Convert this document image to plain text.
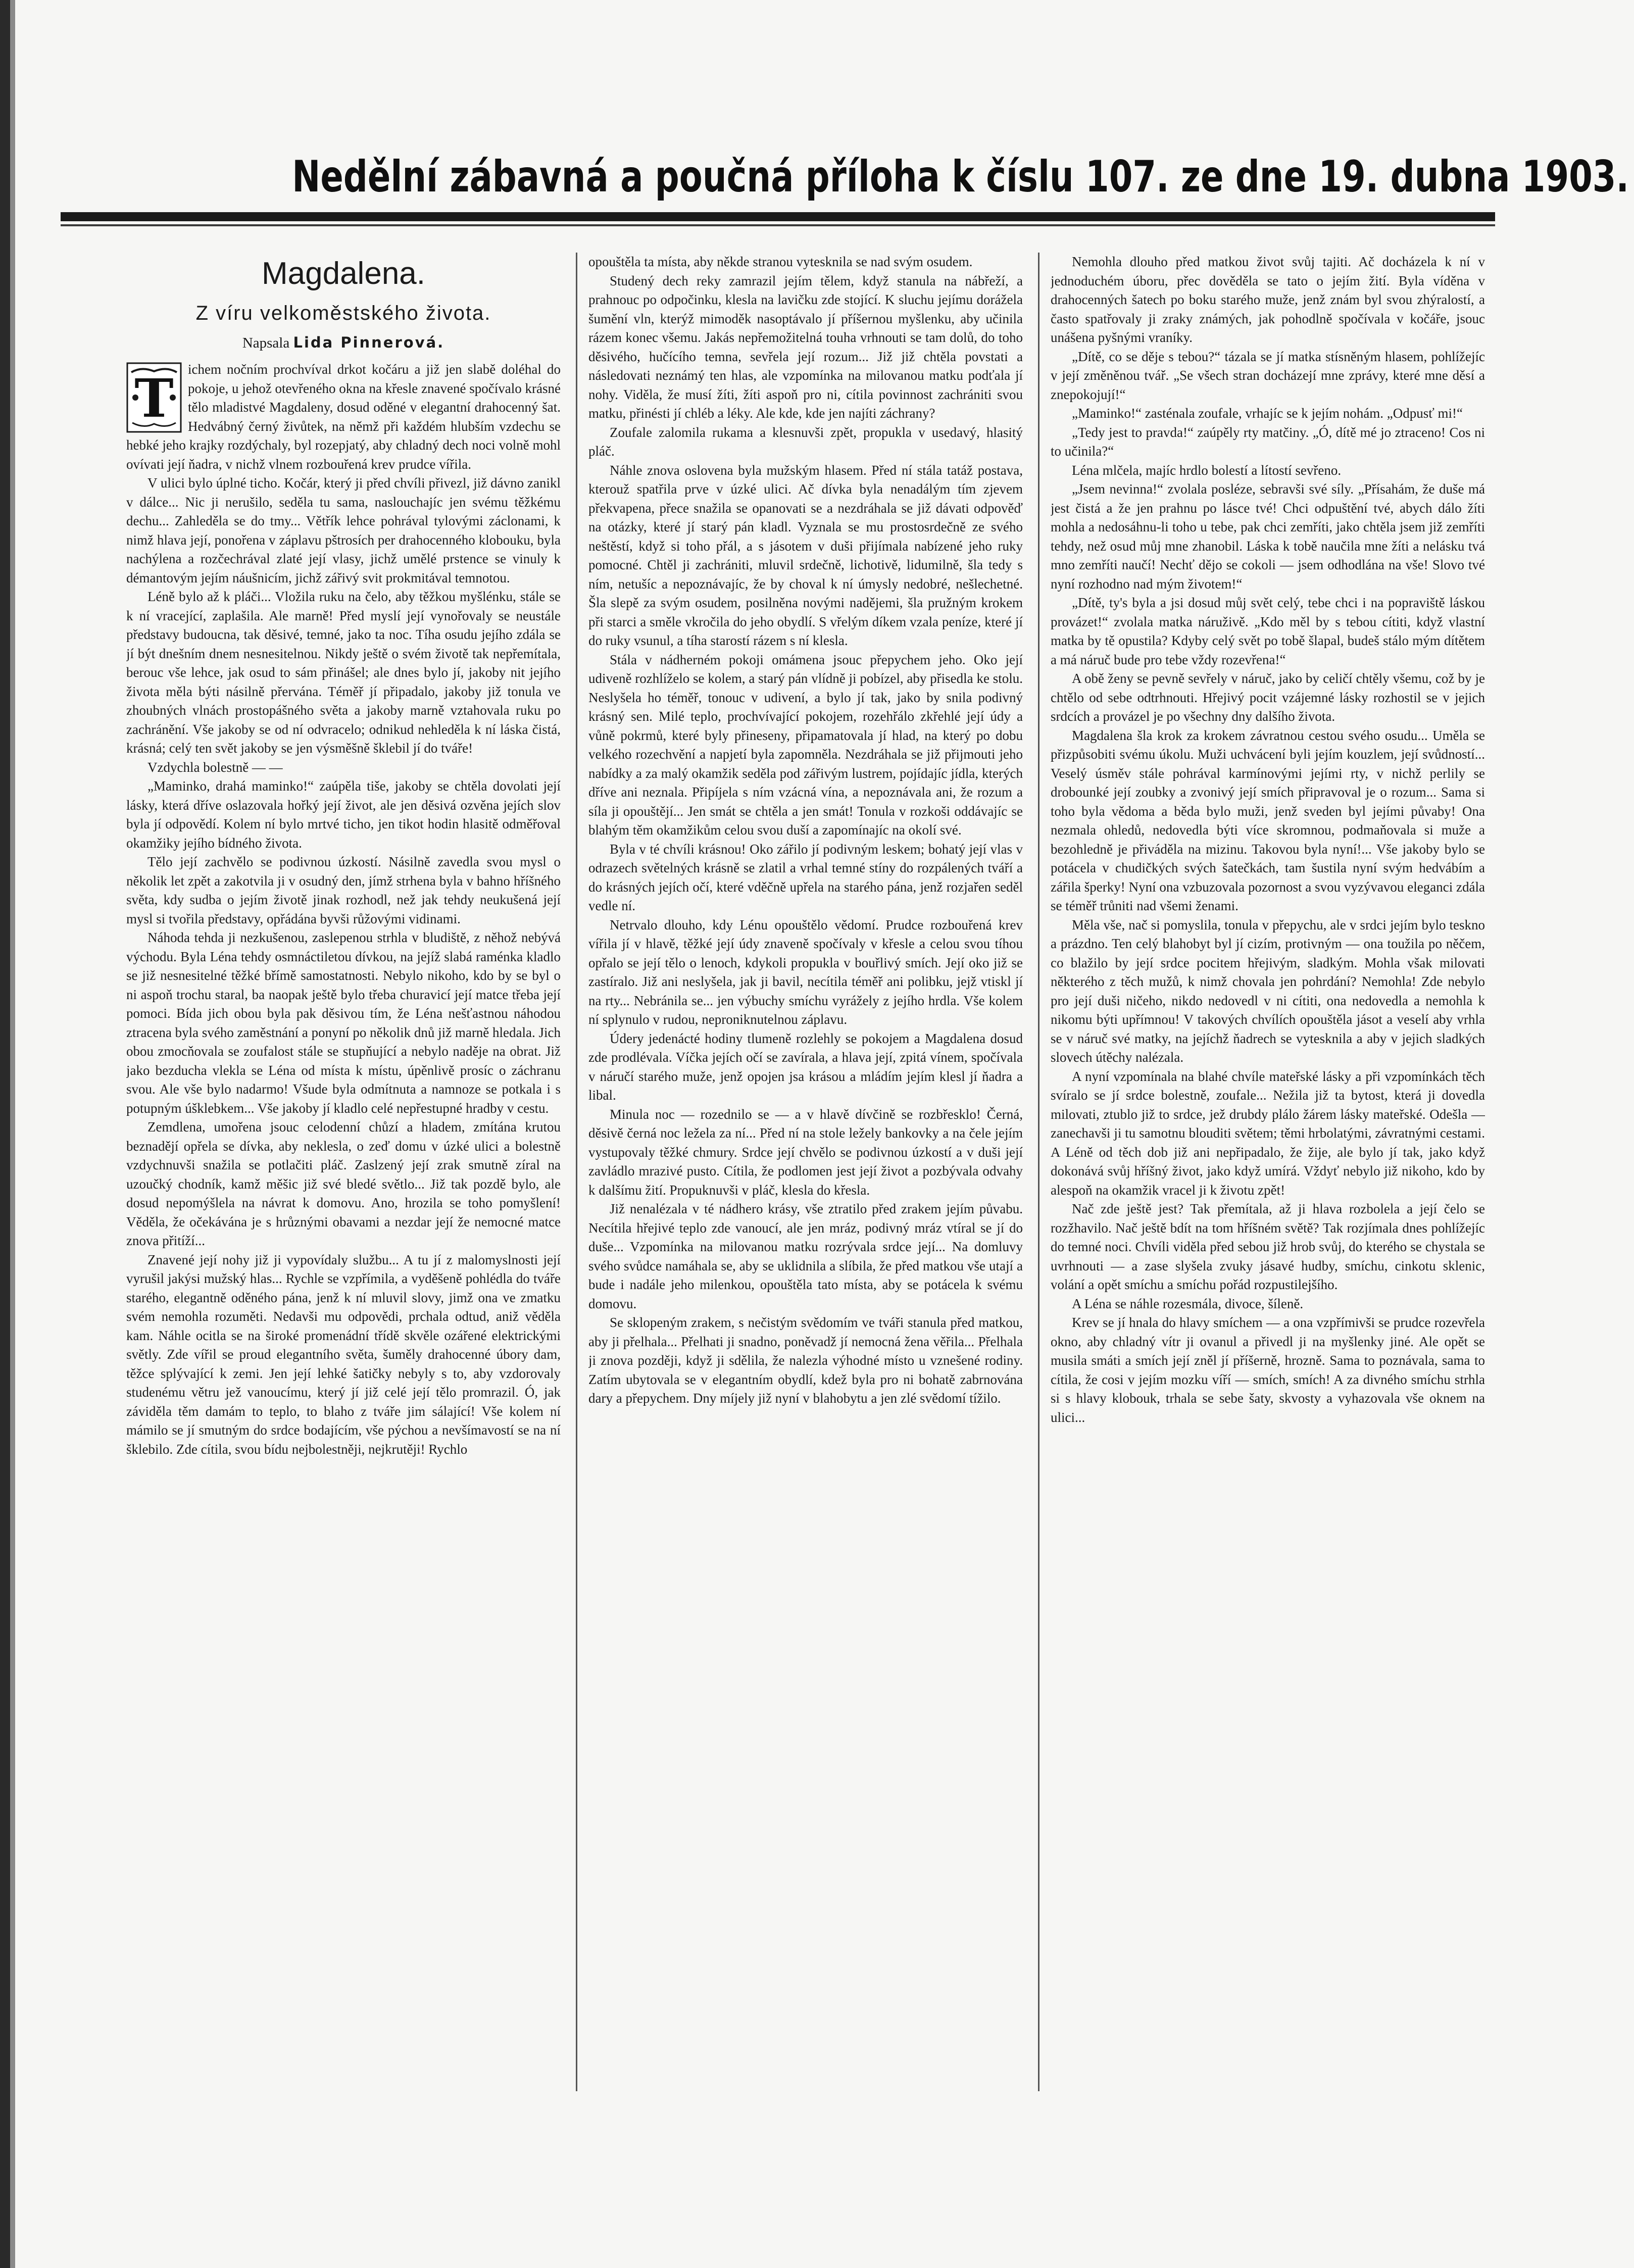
Nedělní zábavná a poučná příloha k číslu 107. ze dne 19. dubna 1903.
Magdalena.
Z víru velkoměstského života.
Napsala Lida Pinnerová.
T	ichem nočním prochvíval drkot kočáru a již jen slabě doléhal do pokoje, u jehož otevřeného okna na křesle znavené spočívalo krásné tělo mladistvé Magdaleny, dosud oděné v elegantní drahocenný šat. Hedvábný černý živůtek, na němž při každém hlubším vzdechu se hebké jeho krajky rozdýchaly, byl rozepjatý, aby chladný dech noci volně mohl ovívati její ňadra, v nichž vlnem rozbouřená krev prudce vířila.

V ulici bylo úplné ticho. Kočár, který ji před chvíli přivezl, již dávno zanikl v dálce... Nic ji nerušilo, seděla tu sama, naslouchajíc jen svému těžkému dechu... Zahleděla se do tmy... Větřík lehce pohrával tylovými záclonami, k nimž hlava její, ponořena v záplavu pštrosích per drahocenného klobouku, byla nachýlena a rozčechrával zlaté její vlasy, jichž umělé prstence se vinuly k démantovým jejím náušnicím, jichž zářivý svit prokmitával temnotou.

Léně bylo až k pláči... Vložila ruku na čelo, aby těžkou myšlénku, stále se k ní vracející, zaplašila. Ale marně! Před myslí její vynořovaly se neustále představy budoucna, tak děsivé, temné, jako ta noc. Tíha osudu jejího zdála se jí být dnešním dnem nesnesitelnou. Nikdy ještě o svém životě tak nepřemítala, berouc vše lehce, jak osud to sám přinášel; ale dnes bylo jí, jakoby nit jejího života měla býti násilně přervána. Téměř jí připadalo, jakoby již tonula ve zhoubných vlnách prostopášného světa a jakoby marně vztahovala ruku po zachránění. Vše jakoby se od ní odvracelo; odnikud nehleděla k ní láska čistá, krásná; celý ten svět jakoby se jen výsměšně šklebil jí do tváře!

Vzdychla bolestně — —

„Maminko, drahá maminko!“ zaúpěla tiše, jakoby se chtěla dovolati její lásky, která dříve oslazovala hořký její život, ale jen děsivá ozvěna jejích slov byla jí odpovědí. Kolem ní bylo mrtvé ticho, jen tikot hodin hlasitě odměřoval okamžiky jejího bídného života.

Tělo její zachvělo se podivnou úzkostí. Násilně zavedla svou mysl o několik let zpět a zakotvila ji v osudný den, jímž strhena byla v bahno hříšného světa, kdy sudba o jejím životě jinak rozhodl, než jak tehdy neukušená její mysl si tvořila představy, opřádána byvši růžovými vidinami.

Náhoda tehda ji nezkušenou, zaslepenou strhla v bludiště, z něhož nebývá východu. Byla Léna tehdy osmnáctiletou dívkou, na jejíž slabá raménka kladlo se již nesnesitelné těžké břímě samostatnosti. Nebylo nikoho, kdo by se byl o ni aspoň trochu staral, ba naopak ještě bylo třeba churavicí její matce třeba její pomoci. Bída jich obou byla pak děsivou tím, že Léna nešťastnou náhodou ztracena byla svého zaměstnání a ponyní po několik dnů již marně hledala. Jich obou zmocňovala se zoufalost stále se stupňující a nebylo naděje na obrat. Již jako bezducha vlekla se Léna od místa k místu, úpěnlivě prosíc o záchranu svou. Ale vše bylo nadarmo! Všude byla odmítnuta a namnoze se potkala i s potupným úšklebkem... Vše jakoby jí kladlo celé nepřestupné hradby v cestu.

Zemdlena, umořena jsouc celodenní chůzí a hladem, zmítána krutou beznadějí opřela se dívka, aby neklesla, o zeď domu v úzké ulici a bolestně vzdychnuvši snažila se potlačiti pláč. Zaslzený její zrak smutně zíral na uzoučký chodník, kamž měšic již své bledé světlo... Již tak pozdě bylo, ale dosud nepomýšlela na návrat k domovu. Ano, hrozila se toho pomyšlení! Věděla, že očekávána je s hrůznými obavami a nezdar její že nemocné matce znova přitíží...

Znavené její nohy již ji vypovídaly službu... A tu jí z malomyslnosti její vyrušil jakýsi mužský hlas... Rychle se vzpřímila, a vyděšeně pohlédla do tváře starého, elegantně oděného pána, jenž k ní mluvil slovy, jimž ona ve zmatku svém nemohla rozuměti. Nedavši mu odpovědi, prchala odtud, aniž věděla kam. Náhle ocitla se na široké promenádní třídě skvěle ozářené elektrickými světly. Zde vířil se proud elegantního světa, šuměly drahocenné úbory dam, těžce splývající k zemi. Jen její lehké šatičky nebyly s to, aby vzdorovaly studenému větru jež vanoucímu, který jí již celé její tělo promrazil. Ó, jak záviděla těm damám to teplo, to blaho z tváře jim sálající! Vše kolem ní mámilo se jí smutným do srdce bodajícím, vše pýchou a nevšímavostí se na ní šklebilo. Zde cítila, svou bídu nejbolestněji, nejkrutěji! Rychlo

opouštěla ta místa, aby někde stranou vytesknila se nad svým osudem.

Studený dech reky zamrazil jejím tělem, když stanula na nábřeží, a prahnouc po odpočinku, klesla na lavičku zde stojící. K sluchu jejímu dorážela šumění vln, kterýž mimoděk nasoptávalo jí příšernou myšlenku, aby učinila rázem konec všemu. Jakás nepřemožitelná touha vrhnouti se tam dolů, do toho děsivého, hučícího temna, sevřela její rozum... Již již chtěla povstati a následovati neznámý ten hlas, ale vzpomínka na milovanou matku podťala jí nohy. Viděla, že musí žíti, žíti aspoň pro ni, cítila povinnost zachrániti svou matku, přinésti jí chléb a léky. Ale kde, kde jen najíti záchrany?

Zoufale zalomila rukama a klesnuvši zpět, propukla v usedavý, hlasitý pláč.

Náhle znova oslovena byla mužským hlasem. Před ní stála tatáž postava, kterouž spatřila prve v úzké ulici. Ač dívka byla nenadálým tím zjevem překvapena, přece snažila se opanovati se a nezdráhala se již dávati odpověď na otázky, které jí starý pán kladl. Vyznala se mu prostosrdečně ze svého neštěstí, když si toho přál, a s jásotem v duši přijímala nabízené jeho ruky pomocné. Chtěl ji zachrániti, mluvil srdečně, lichotivě, lidumilně, šla tedy s ním, netušíc a nepoznávajíc, že by choval k ní úmysly nedobré, nešlechetné. Šla slepě za svým osudem, posilněna novými nadějemi, šla pružným krokem při starci a směle vkročila do jeho obydlí. S vřelým díkem vzala peníze, které jí do ruky vsunul, a tíha starostí rázem s ní klesla.

Stála v nádherném pokoji omámena jsouc přepychem jeho. Oko její udiveně rozhlíželo se kolem, a starý pán vlídně ji pobízel, aby přisedla ke stolu. Neslyšela ho téměř, tonouc v udivení, a bylo jí tak, jako by snila podivný krásný sen. Milé teplo, prochvívající pokojem, rozehřálo zkřehlé její údy a vůně pokrmů, které byly přineseny, připamatovala jí hlad, na který po dobu velkého rozechvění a napjetí byla zapomněla. Nezdráhala se již přijmouti jeho nabídky a za malý okamžik seděla pod zářivým lustrem, pojídajíc jídla, kterých dříve ani neznala. Připíjela s ním vzácná vína, a nepoznávala ani, že rozum a síla ji opouštějí... Jen smát se chtěla a jen smát! Tonula v rozkoši oddávajíc se blahým těm okamžikům celou svou duší a zapomínajíc na okolí své.

Byla v té chvíli krásnou! Oko zářilo jí podivným leskem; bohatý její vlas v odrazech světelných krásně se zlatil a vrhal temné stíny do rozpálených tváří a do krásných jejích očí, které vděčně upřela na starého pána, jenž rozjařen seděl vedle ní.

Netrvalo dlouho, kdy Lénu opouštělo vědomí. Prudce rozbouřená krev vířila jí v hlavě, těžké její údy znaveně spočívaly v křesle a celou svou tíhou opřalo se její tělo o lenoch, kdykoli propukla v bouřlivý smích. Její oko již se zastíralo. Již ani neslyšela, jak ji bavil, necítila téměř ani polibku, jejž vtiskl jí na rty... Nebránila se... jen výbuchy smíchu vyrážely z jejího hrdla. Vše kolem ní splynulo v rudou, neproniknutelnou záplavu.

Údery jedenácté hodiny tlumeně rozlehly se pokojem a Magdalena dosud zde prodlévala. Víčka jejích očí se zavírala, a hlava její, zpitá vínem, spočívala v náručí starého muže, jenž opojen jsa krásou a mládím jejím klesl jí ňadra a libal.

Minula noc — rozednilo se — a v hlavě dívčině se rozbřesklo! Černá, děsivě černá noc ležela za ní... Před ní na stole ležely bankovky a na čele jejím vystupovaly těžké chmury. Srdce její chvělo se podivnou úzkostí a v duši její zavládlo mrazivé pusto. Cítila, že podlomen jest její život a pozbývala odvahy k dalšímu žití. Propuknuvši v pláč, klesla do křesla.

Již nenalézala v té nádhero krásy, vše ztratilo před zrakem jejím půvabu. Necítila hřejivé teplo zde vanoucí, ale jen mráz, podivný mráz vtíral se jí do duše... Vzpomínka na milovanou matku rozrývala srdce její... Na domluvy svého svůdce namáhala se, aby se uklidnila a slíbila, že před matkou vše utají a bude i nadále jeho milenkou, opouštěla tato místa, aby se potácela k svému domovu.

Se sklopeným zrakem, s nečistým svědomím ve tváři stanula před matkou, aby ji přelhala... Přelhati ji snadno, poněvadž jí nemocná žena věřila... Přelhala ji znova později, když ji sdělila, že nalezla výhodné místo u vznešené rodiny. Zatím ubytovala se v elegantním obydlí, kdež byla pro ni bohatě zabrnována dary a přepychem. Dny míjely již nyní v blahobytu a jen zlé svědomí tížilo.

Nemohla dlouho před matkou život svůj tajiti. Ač docházela k ní v jednoduchém úboru, přec dověděla se tato o jejím žití. Byla víděna v drahocenných šatech po boku starého muže, jenž znám byl svou zhýralostí, a často spatřovaly ji zraky známých, jak pohodlně spočívala v kočáře, jsouc unášena pyšnými vraníky.

„Dítě, co se děje s tebou?“ tázala se jí matka stísněným hlasem, pohlížejíc v její změněnou tvář. „Se všech stran docházejí mne zprávy, které mne děsí a znepokojují!“

„Maminko!“ zasténala zoufale, vrhajíc se k jejím nohám. „Odpusť mi!“

„Tedy jest to pravda!“ zaúpěly rty matčiny. „Ó, dítě mé jo ztraceno! Cos ni to učinila?“

Léna mlčela, majíc hrdlo bolestí a lítostí sevřeno.

„Jsem nevinna!“ zvolala posléze, sebravši své síly. „Přísahám, že duše má jest čistá a že jen prahnu po lásce tvé! Chci odpuštění tvé, abych dálo žíti mohla a nedosáhnu-li toho u tebe, pak chci zemříti, jako chtěla jsem již zemříti tehdy, než osud můj mne zhanobil. Láska k tobě naučila mne žíti a nelásku tvá mno zemříti naučí! Nechť dějo se cokoli — jsem odhodlána na vše! Slovo tvé nyní rozhodno nad mým životem!“

„Dítě, ty's byla a jsi dosud můj svět celý, tebe chci i na popraviště láskou provázet!“ zvolala matka náruživě. „Kdo měl by s tebou cítiti, když vlastní matka by tě opustila? Kdyby celý svět po tobě šlapal, budeš stálo mým dítětem a má náruč bude pro tebe vždy rozevřena!“

A obě ženy se pevně sevřely v náruč, jako by celičí chtěly všemu, což by je chtělo od sebe odtrhnouti. Hřejivý pocit vzájemné lásky rozhostil se v jejich srdcích a provázel je po všechny dny dalšího života.

Magdalena šla krok za krokem závratnou cestou svého osudu... Uměla se přizpůsobiti svému úkolu. Muži uchvácení byli jejím kouzlem, její svůdností... Veselý úsměv stále pohrával karmínovými jejími rty, v nichž perlily se drobounké její zoubky a zvonivý její smích připravoval je o rozum... Sama si toho byla vědoma a běda bylo muži, jenž sveden byl jejími půvaby! Ona nezmala ohledů, nedovedla býti více skromnou, podmaňovala si muže a bezohledně je přiváděla na mizinu. Takovou byla nyní!... Vše jakoby bylo se potácela v chudičkých svých šatečkách, tam šustila nyní svým hedvábím a zářila šperky! Nyní ona vzbuzovala pozornost a svou vyzývavou eleganci zdála se téměř trůniti nad všemi ženami.

Měla vše, nač si pomyslila, tonula v přepychu, ale v srdci jejím bylo teskno a prázdno. Ten celý blahobyt byl jí cizím, protivným — ona toužila po něčem, co blažilo by její srdce pocitem hřejivým, sladkým. Mohla však milovati některého z těch mužů, k nimž chovala jen pohrdání? Nemohla! Zde nebylo pro její duši ničeho, nikdo nedovedl v ni cítiti, ona nedovedla a nemohla k nikomu býti upřímnou! V takových chvílích opouštěla jásot a veselí aby vrhla se v náruč své matky, na jejíchž ňadrech se vytesknila a aby v jejich sladkých slovech útěchy nalézala.

A nyní vzpomínala na blahé chvíle mateřské lásky a při vzpomínkách těch svíralo se jí srdce bolestně, zoufale... Nežila již ta bytost, která ji dovedla milovati, ztublo již to srdce, jež drubdy plálo žárem lásky mateřské. Odešla — zanechavši ji tu samotnu blouditi světem; těmi hrbolatými, závratnými cestami. A Léně od těch dob již ani nepřipadalo, že žije, ale bylo jí tak, jako když dokonává svůj hříšný život, jako když umírá. Vždyť nebylo již nikoho, kdo by alespoň na okamžik vracel ji k životu zpět!

Nač zde ještě jest? Tak přemítala, až ji hlava rozbolela a její čelo se rozžhavilo. Nač ještě bdít na tom hříšném světě? Tak rozjímala dnes pohlížejíc do temné noci. Chvíli viděla před sebou již hrob svůj, do kterého se chystala se uvrhnouti — a zase slyšela zvuky jásavé hudby, smíchu, cinkotu sklenic, volání a opět smíchu a smíchu pořád rozpustilejšího.

A Léna se náhle rozesmála, divoce, šíleně.

Krev se jí hnala do hlavy smíchem — a ona vzpřímivši se prudce rozevřela okno, aby chladný vítr ji ovanul a přivedl ji na myšlenky jiné. Ale opět se musila smáti a smích její zněl jí příšerně, hrozně. Sama to poznávala, sama to cítila, že cosi v jejím mozku víří — smích, smích! A za divného smíchu strhla si s hlavy klobouk, trhala se sebe šaty, skvosty a vyhazovala vše oknem na ulici...
